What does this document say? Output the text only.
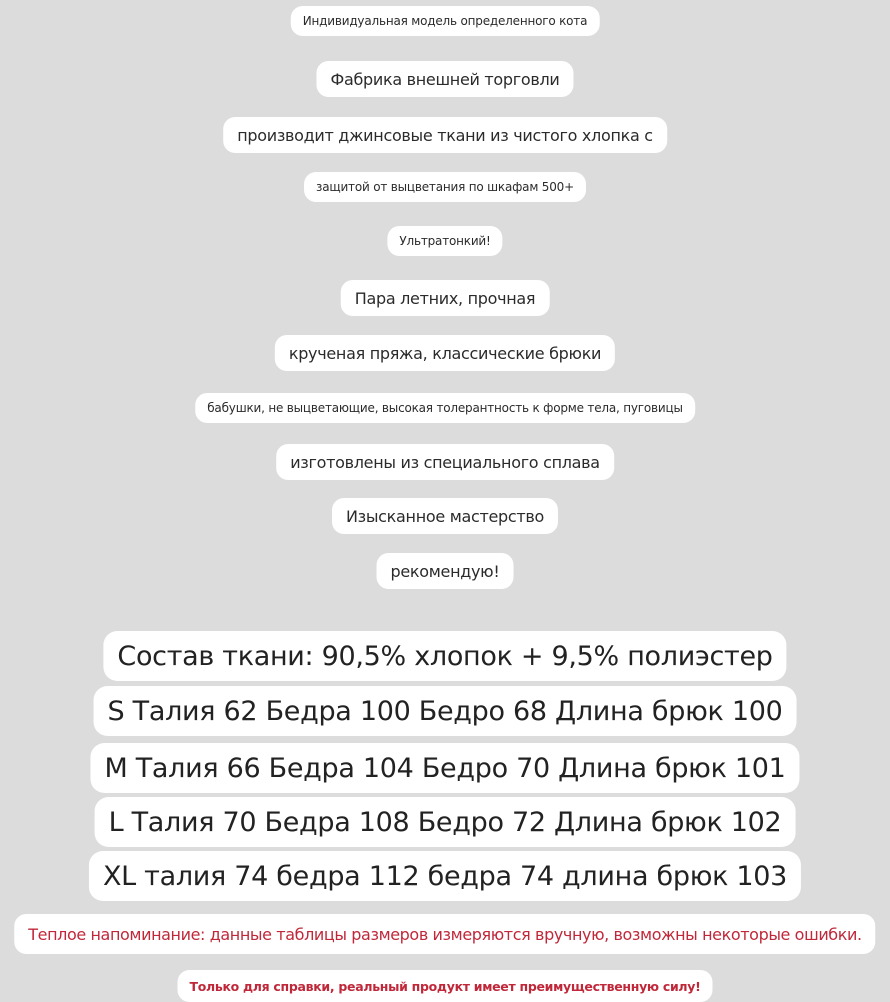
Индивидуальная модель определенного кота
Фабрика внешней торговли
производит джинсовые ткани из чистого хлопка с
защитой от выцветания по шкафам 500+
Ультратонкий!
Пара летних, прочная
крученая пряжа, классические брюки
бабушки, не выцветающие, высокая толерантность к форме тела, пуговицы
изготовлены из специального сплава
Изысканное мастерство
рекомендую!
Состав ткани: 90,5% хлопок + 9,5% полиэстер
S Талия 62 Бедра 100 Бедро 68 Длина брюк 100
M Талия 66 Бедра 104 Бедро 70 Длина брюк 101
L Талия 70 Бедра 108 Бедро 72 Длина брюк 102
XL талия 74 бедра 112 бедра 74 длина брюк 103
Теплое напоминание: данные таблицы размеров измеряются вручную, возможны некоторые ошибки.
Только для справки, реальный продукт имеет преимущественную силу!
